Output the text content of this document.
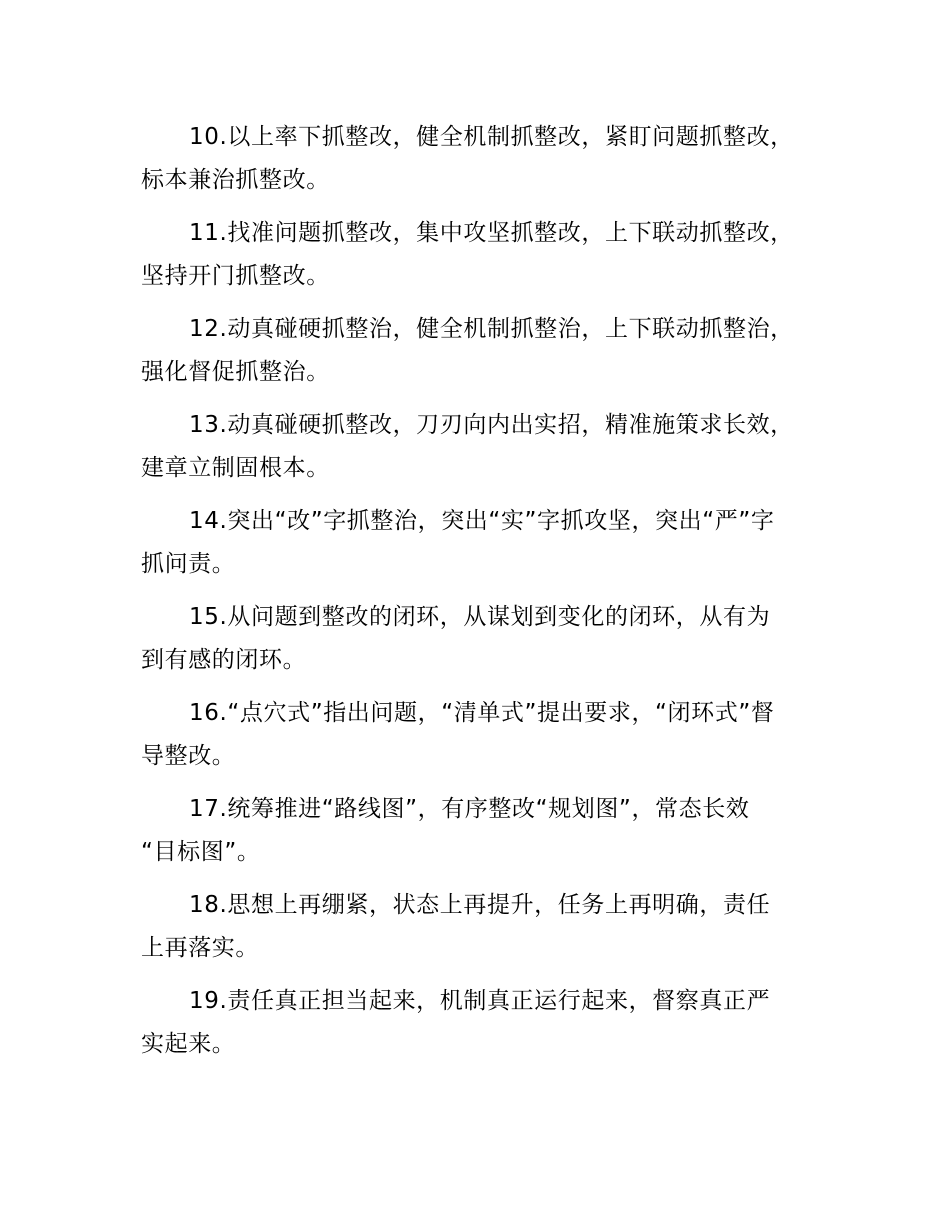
10.以上率下抓整改，健全机制抓整改，紧盯问题抓整改，
标本兼治抓整改。

11.找准问题抓整改，集中攻坚抓整改，上下联动抓整改，
坚持开门抓整改。

12.动真碰硬抓整治，健全机制抓整治，上下联动抓整治，
强化督促抓整治。

13.动真碰硬抓整改，刀刃向内出实招，精准施策求长效，
建章立制固根本。

14.突出“改”字抓整治，突出“实”字抓攻坚，突出“严”字
抓问责。

15.从问题到整改的闭环，从谋划到变化的闭环，从有为
到有感的闭环。

16.“点穴式”指出问题，“清单式”提出要求，“闭环式”督
导整改。

17.统筹推进“路线图”，有序整改“规划图”，常态长效
“目标图”。

18.思想上再绷紧，状态上再提升，任务上再明确，责任
上再落实。

19.责任真正担当起来，机制真正运行起来，督察真正严
实起来。
